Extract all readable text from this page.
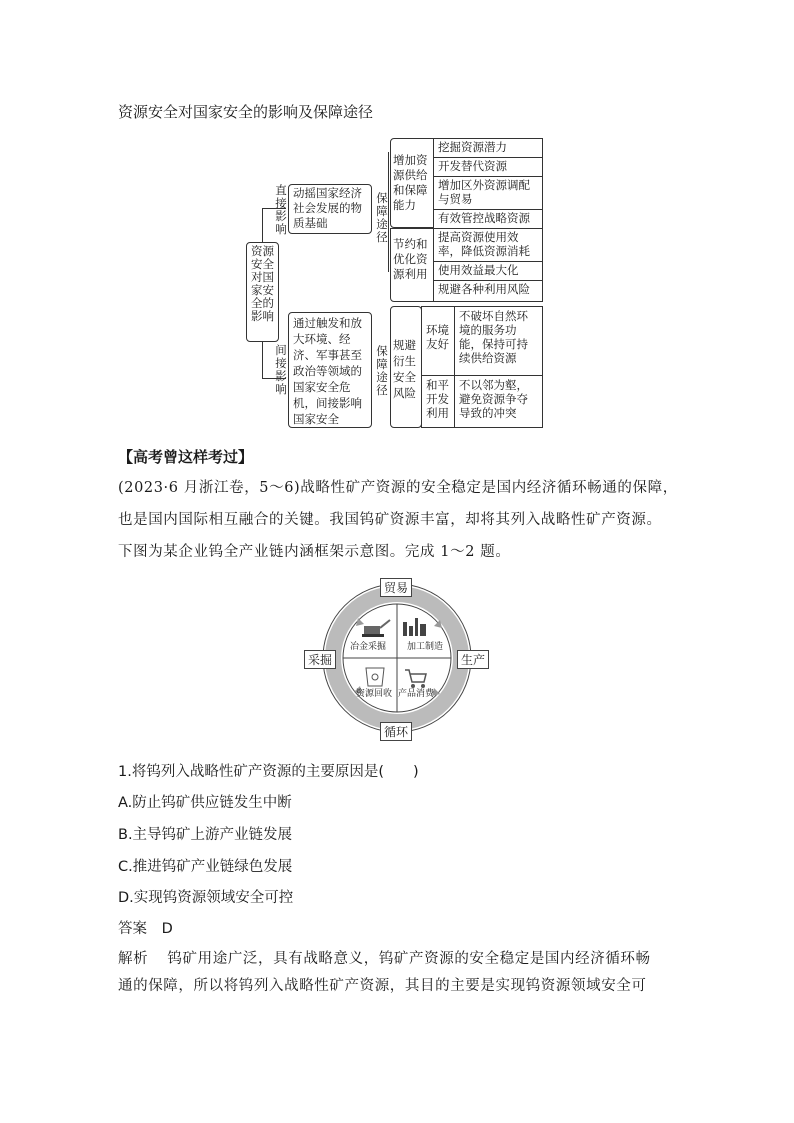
资源安全对国家安全的影响及保障途径
资源安全对国家安全的影响
直接影响
间接影响
动摇国家经济社会发展的物质基础
通过触发和放大环境、经济、军事甚至政治等领域的国家安全危机，间接影响国家安全
保障途径
保障途径
增加资源供给和保障能力
挖掘资源潜力
开发替代资源
增加区外资源调配与贸易
有效管控战略资源
节约和优化资源利用
提高资源使用效率，降低资源消耗
使用效益最大化
规避各种利用风险
规避衍生安全风险
环境友好
不破坏自然环境的服务功能，保持可持续供给资源
和平开发利用
不以邻为壑，避免资源争夺导致的冲突
【高考曾这样考过】
(2023·6 月浙江卷，5～6)战略性矿产资源的安全稳定是国内经济循环畅通的保障，
也是国内国际相互融合的关键。我国钨矿资源丰富，却将其列入战略性矿产资源。
下图为某企业钨全产业链内涵框架示意图。完成 1～2 题。
贸易
生产
循环
采掘
冶金采掘 加工制造
资源回收 产品消费
1.将钨列入战略性矿产资源的主要原因是(　　)
A.防止钨矿供应链发生中断
B.主导钨矿上游产业链发展
C.推进钨矿产业链绿色发展
D.实现钨资源领域安全可控
答案 D
解析 钨矿用途广泛，具有战略意义，钨矿产资源的安全稳定是国内经济循环畅
通的保障，所以将钨列入战略性矿产资源，其目的主要是实现钨资源领域安全可
